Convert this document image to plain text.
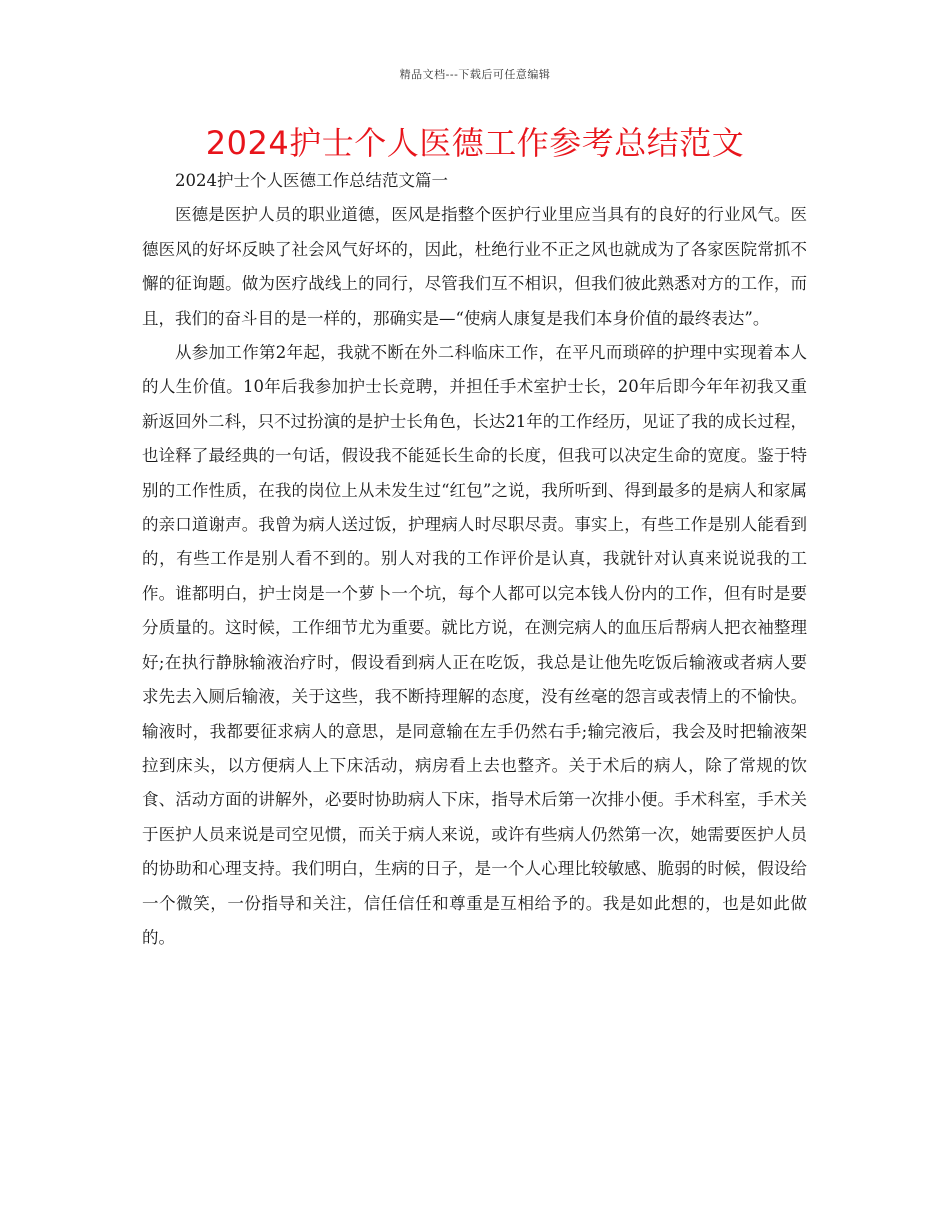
精品文档---下载后可任意编辑
2024护士个人医德工作参考总结范文
2024护士个人医德工作总结范文篇一

医德是医护人员的职业道德，医风是指整个医护行业里应当具有的良好的行业风气。医德医风的好坏反映了社会风气好坏的，因此，杜绝行业不正之风也就成为了各家医院常抓不懈的征询题。做为医疗战线上的同行，尽管我们互不相识，但我们彼此熟悉对方的工作，而且，我们的奋斗目的是一样的，那确实是—“使病人康复是我们本身价值的最终表达”。

从参加工作第2年起，我就不断在外二科临床工作，在平凡而琐碎的护理中实现着本人的人生价值。10年后我参加护士长竞聘，并担任手术室护士长，20年后即今年年初我又重新返回外二科，只不过扮演的是护士长角色，长达21年的工作经历，见证了我的成长过程，也诠释了最经典的一句话，假设我不能延长生命的长度，但我可以决定生命的宽度。鉴于特别的工作性质，在我的岗位上从未发生过“红包”之说，我所听到、得到最多的是病人和家属的亲口道谢声。我曾为病人送过饭，护理病人时尽职尽责。事实上，有些工作是别人能看到的，有些工作是别人看不到的。别人对我的工作评价是认真，我就针对认真来说说我的工作。谁都明白，护士岗是一个萝卜一个坑，每个人都可以完本钱人份内的工作，但有时是要分质量的。这时候，工作细节尤为重要。就比方说，在测完病人的血压后帮病人把衣袖整理好;在执行静脉输液治疗时，假设看到病人正在吃饭，我总是让他先吃饭后输液或者病人要求先去入厕后输液，关于这些，我不断持理解的态度，没有丝毫的怨言或表情上的不愉快。输液时，我都要征求病人的意思，是同意输在左手仍然右手;输完液后，我会及时把输液架拉到床头，以方便病人上下床活动，病房看上去也整齐。关于术后的病人，除了常规的饮食、活动方面的讲解外，必要时协助病人下床，指导术后第一次排小便。手术科室，手术关于医护人员来说是司空见惯，而关于病人来说，或许有些病人仍然第一次，她需要医护人员的协助和心理支持。我们明白，生病的日子，是一个人心理比较敏感、脆弱的时候，假设给一个微笑，一份指导和关注，信任信任和尊重是互相给予的。我是如此想的，也是如此做的。
